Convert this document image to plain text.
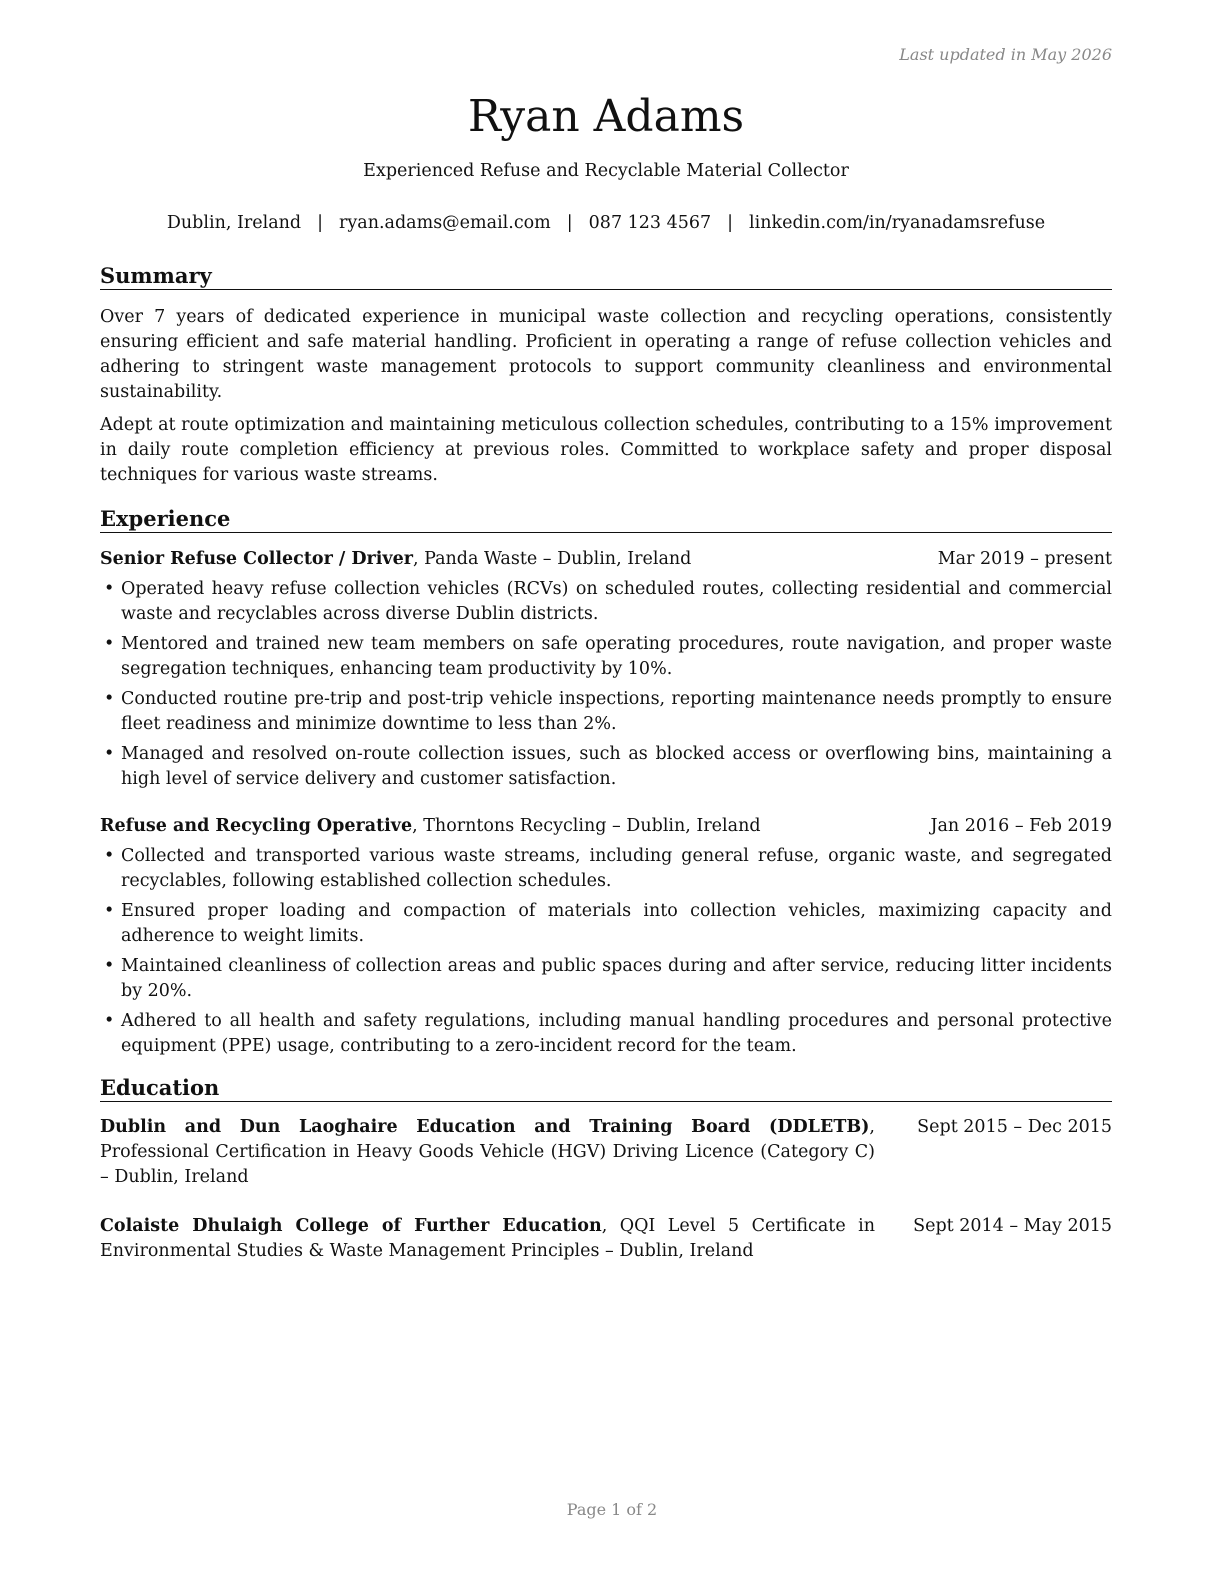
Last updated in May 2026
Ryan Adams
Experienced Refuse and Recyclable Material Collector
Dublin, Ireland | ryan.adams@email.com | 087 123 4567 | linkedin.com/in/ryanadamsrefuse
Summary

Over 7 years of dedicated experience in municipal waste collection and recycling operations, consistently ensuring efficient and safe material handling. Proficient in operating a range of refuse collection vehicles and adhering to stringent waste management protocols to support community cleanliness and environmental sustainability.

Adept at route optimization and maintaining meticulous collection schedules, contributing to a 15% improvement in daily route completion efficiency at previous roles. Committed to workplace safety and proper disposal techniques for various waste streams.

Experience
Senior Refuse Collector / Driver, Panda Waste – Dublin, Ireland	Mar 2019 – present
• Operated heavy refuse collection vehicles (RCVs) on scheduled routes, collecting residential and commercial waste and recyclables across diverse Dublin districts.
• Mentored and trained new team members on safe operating procedures, route navigation, and proper waste segregation techniques, enhancing team productivity by 10%.
• Conducted routine pre-trip and post-trip vehicle inspections, reporting maintenance needs promptly to ensure fleet readiness and minimize downtime to less than 2%.
• Managed and resolved on-route collection issues, such as blocked access or overflowing bins, maintaining a high level of service delivery and customer satisfaction.
Refuse and Recycling Operative, Thorntons Recycling – Dublin, Ireland	Jan 2016 – Feb 2019
• Collected and transported various waste streams, including general refuse, organic waste, and segregated recyclables, following established collection schedules.
• Ensured proper loading and compaction of materials into collection vehicles, maximizing capacity and adherence to weight limits.
• Maintained cleanliness of collection areas and public spaces during and after service, reducing litter incidents by 20%.
• Adhered to all health and safety regulations, including manual handling procedures and personal protective equipment (PPE) usage, contributing to a zero-incident record for the team.
Education
Dublin and Dun Laoghaire Education and Training Board (DDLETB), Professional Certification in Heavy Goods Vehicle (HGV) Driving Licence (Category C) – Dublin, Ireland
Sept 2015 – Dec 2015
Colaiste Dhulaigh College of Further Education, QQI Level 5 Certificate in Environmental Studies & Waste Management Principles – Dublin, Ireland
Sept 2014 – May 2015
Page 1 of 2
